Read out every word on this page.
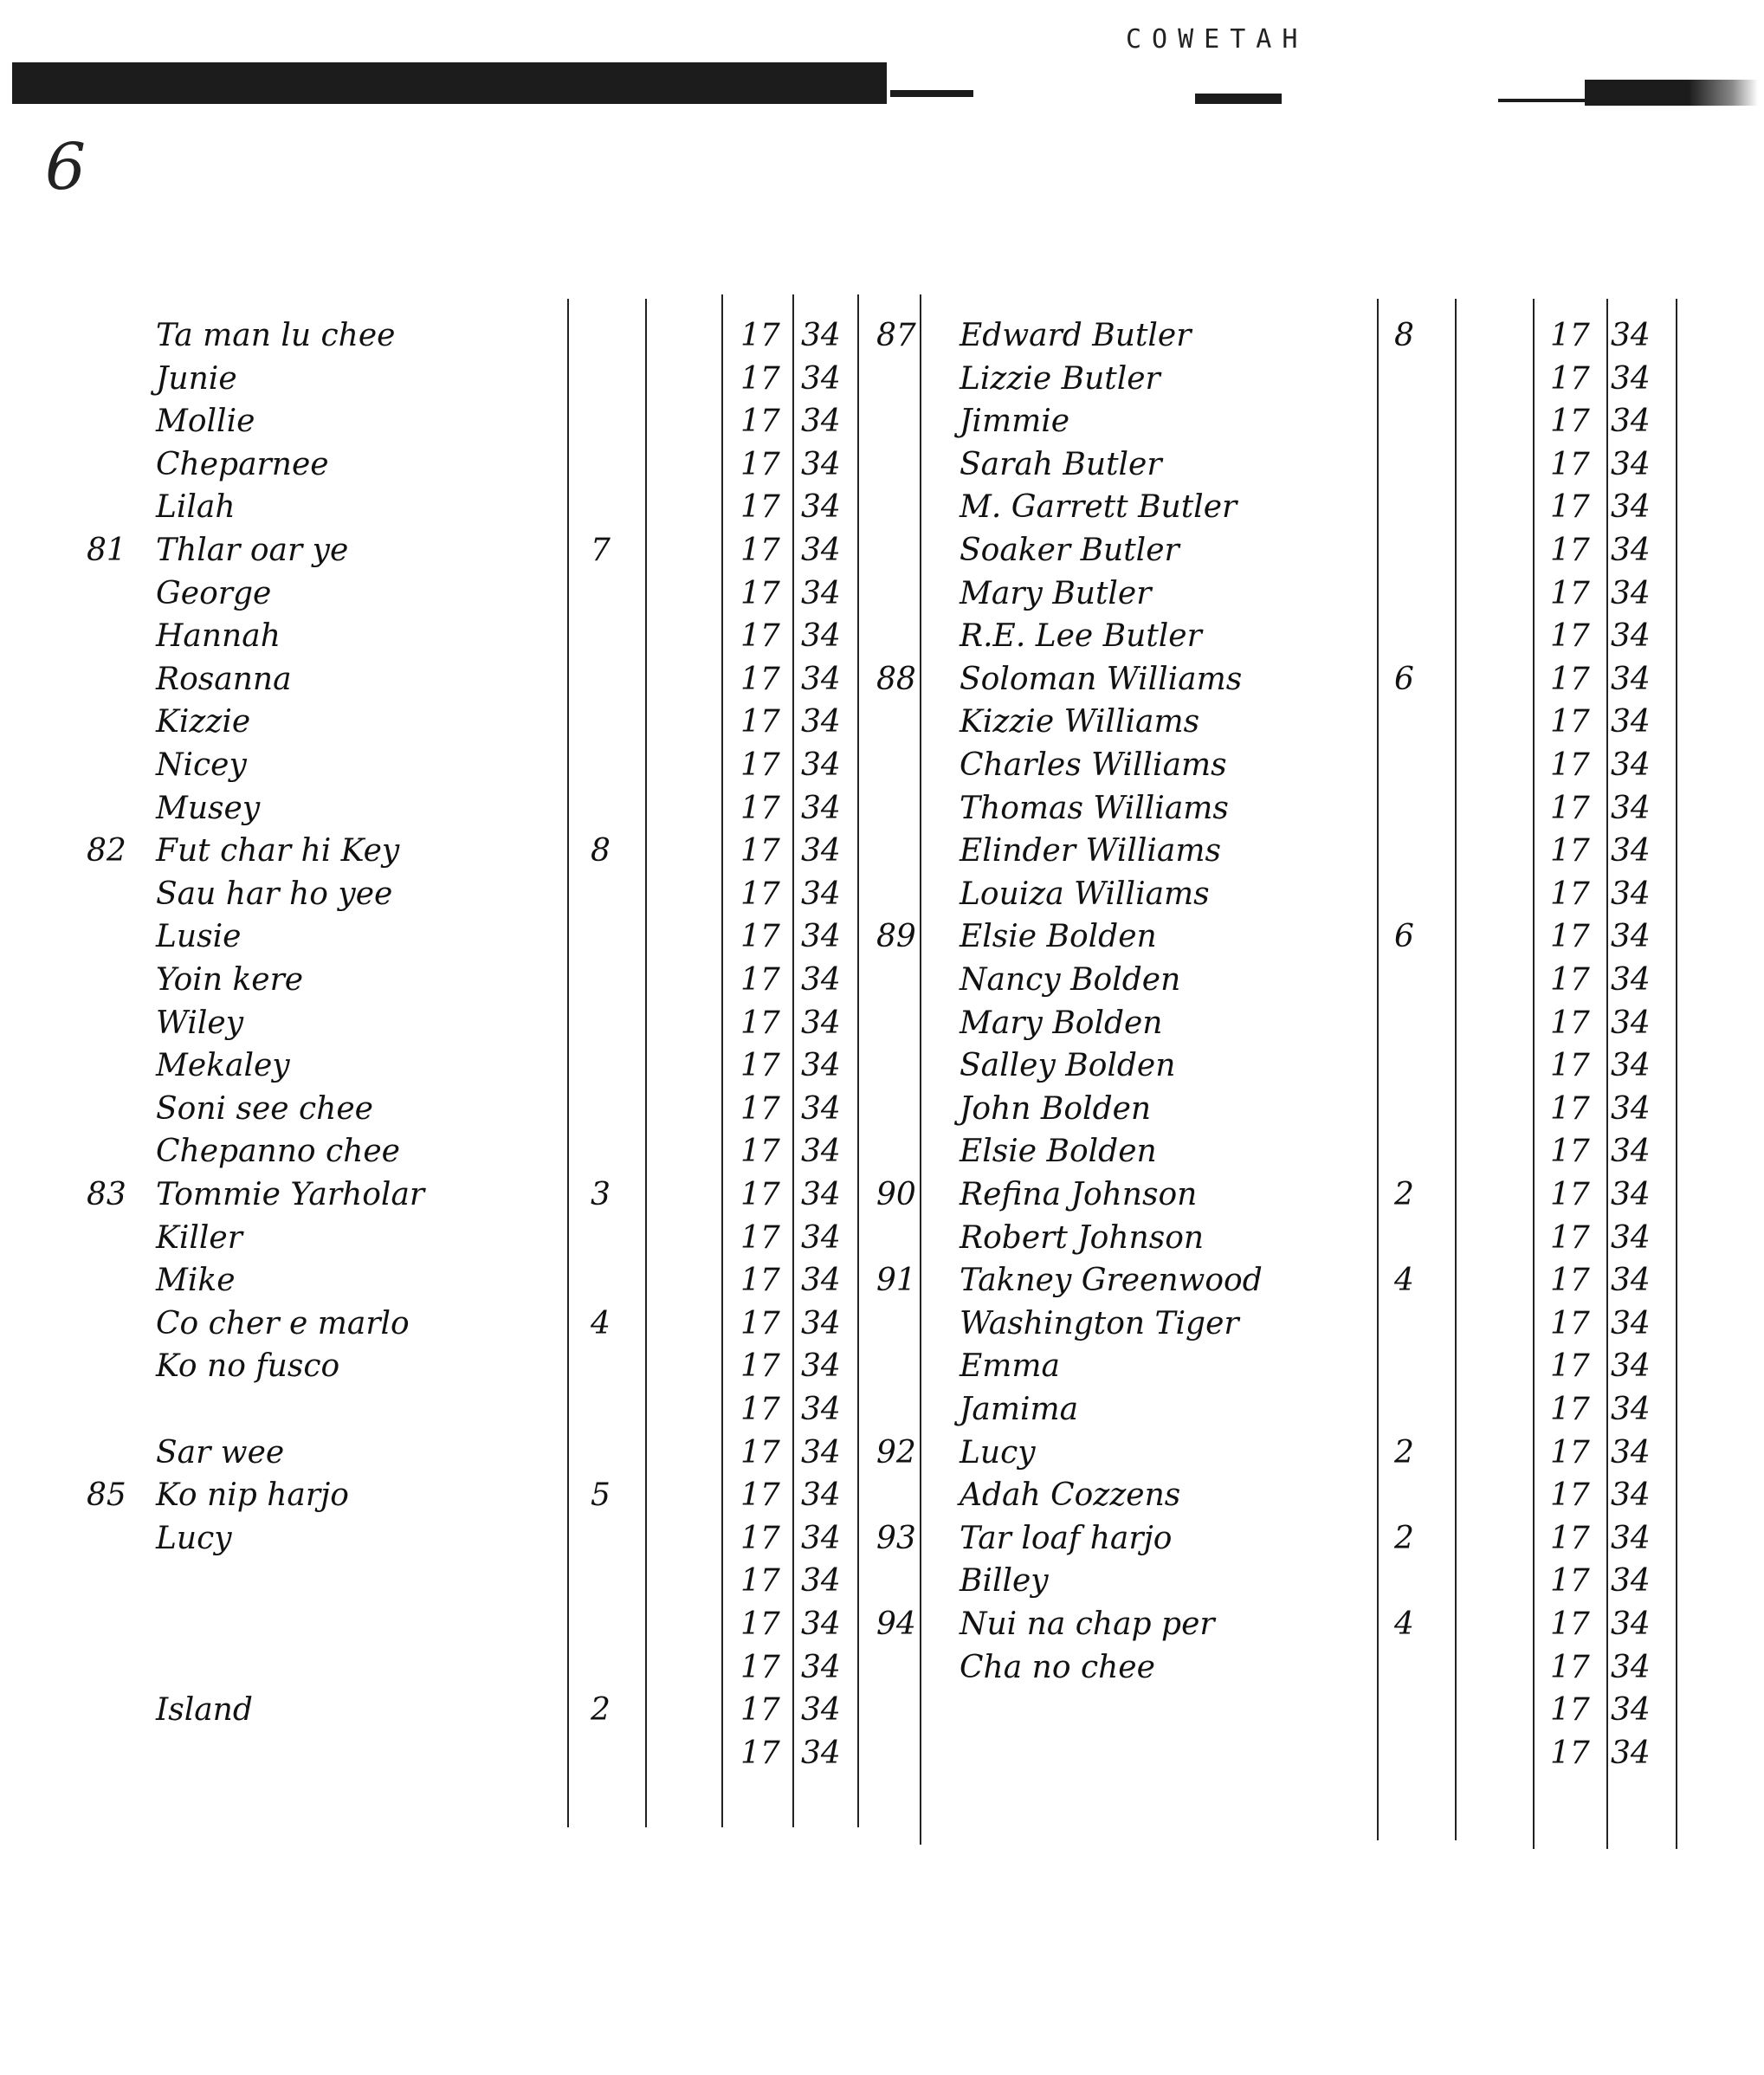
COWETAH
6
Ta man lu chee	17 34
Junie	17 34
Mollie	17 34
Cheparnee	17 34
Lilah	17 34
81 Thlar oar ye	7	17 34
George	17 34
Hannah	17 34
Rosanna	17 34
Kizzie	17 34
Nicey	17 34
Musey	17 34
82 Fut char hi Key	8	17 34
Sau har ho yee	17 34
Lusie	17 34
Yoin kere	17 34
Wiley	17 34
Mekaley	17 34
Soni see chee	17 34
Chepanno chee	17 34
83 Tommie Yarholar	3	17 34
Killer	17 34
Mike	17 34
Co cher e marlo	4	17 34
Ko no fusco	17 34
17 34
Sar wee	17 34
85 Ko nip harjo	5	17 34
Lucy	17 34
17 34
17 34
17 34
Island	2	17 34
17 34
87 Edward Butler	8	17 34
Lizzie Butler	17 34
Jimmie	17 34
Sarah Butler	17 34
M. Garrett Butler	17 34
Soaker Butler	17 34
Mary Butler	17 34
R.E. Lee Butler	17 34
88 Soloman Williams	6	17 34
Kizzie Williams	17 34
Charles Williams	17 34
Thomas Williams	17 34
Elinder Williams	17 34
Louiza Williams	17 34
89 Elsie Bolden	6	17 34
Nancy Bolden	17 34
Mary Bolden	17 34
Salley Bolden	17 34
John Bolden	17 34
Elsie Bolden	17 34
90 Refina Johnson	2	17 34
Robert Johnson	17 34
91 Takney Greenwood	4	17 34
Washington Tiger	17 34
Emma	17 34
Jamima	17 34
92 Lucy	2	17 34
Adah Cozzens	17 34
93 Tar loaf harjo	2	17 34
Billey	17 34
94 Nui na chap per	4	17 34
Cha no chee	17 34
17 34
17 34
